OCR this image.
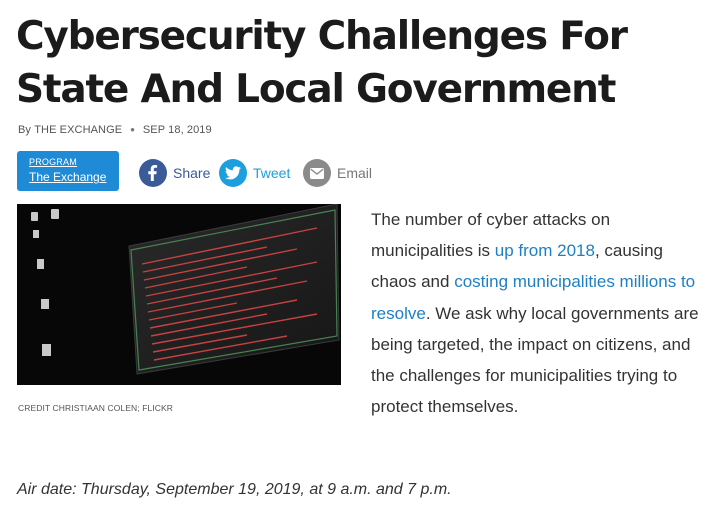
Cybersecurity Challenges For State And Local Government
By
THE EXCHANGE • SEP 18, 2019
PROGRAM
The Exchange	Share	Tweet	Email
CREDIT CHRISTIAAN COLEN; FLICKR

The number of cyber attacks on municipalities is up from 2018, causing chaos and costing municipalities millions to resolve. We ask why local governments are being targeted, the impact on citizens, and the challenges for municipalities trying to protect themselves.

Air date: Thursday, September 19, 2019, at 9 a.m. and 7 p.m.
